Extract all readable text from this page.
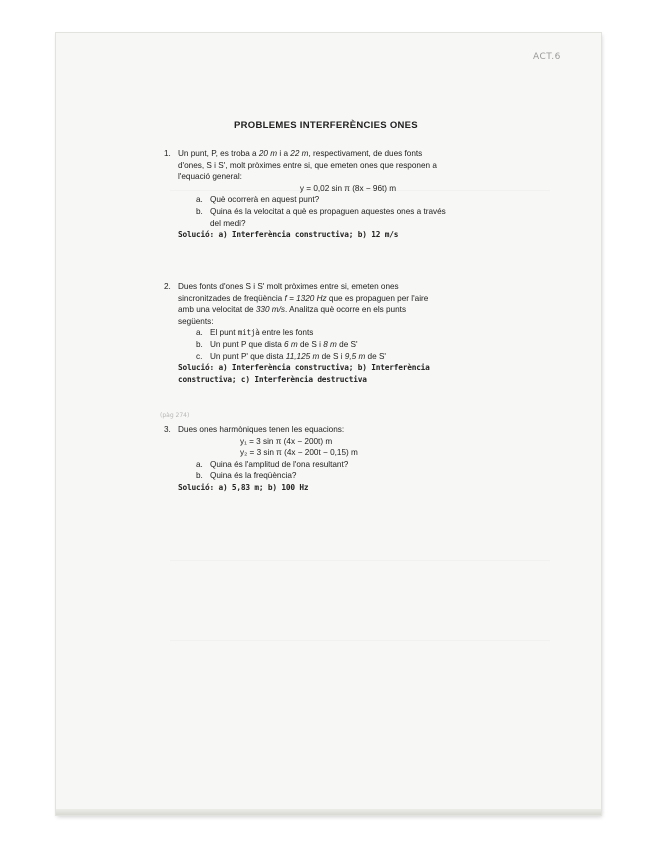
ACT.6
PROBLEMES INTERFERÈNCIES ONES
1. Un punt, P, es troba a 20 m i a 22 m, respectivament, de dues fonts

d'ones, S i S', molt pròximes entre si, que emeten ones que responen a

l'equació general:

y = 0,02 sin π (8x − 96t) m

a. Què ocorrerà en aquest punt?
b. Quina és la velocitat a què es propaguen aquestes ones a través
del medi?

Solució: a) Interferència constructiva; b) 12 m/s

2. Dues fonts d'ones S i S' molt pròximes entre si, emeten ones

sincronitzades de freqüència f = 1320 Hz que es propaguen per l'aire

amb una velocitat de 330 m/s. Analitza què ocorre en els punts

següents:

a. El punt mitjà entre les fonts
b. Un punt P que dista 6 m de S i 8 m de S'
c. Un punt P' que dista 11,125 m de S i 9,5 m de S'

Solució: a) Interferència constructiva; b) Interferència

constructiva; c) Interferència destructiva

(pàg 274)
3. Dues ones harmòniques tenen les equacions:

y₁ = 3 sin π (4x − 200t) m

y₂ = 3 sin π (4x − 200t − 0,15) m

a. Quina és l'amplitud de l'ona resultant?
b. Quina és la freqüència?

Solució: a) 5,83 m; b) 100 Hz
